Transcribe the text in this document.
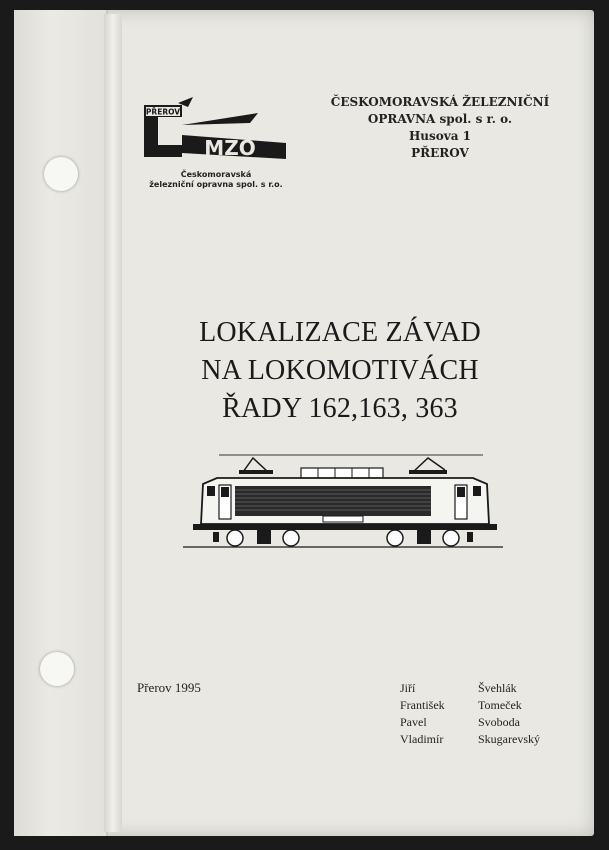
PŘEROV
MŽO
Českomoravská
železniční opravna spol. s r.o.
ČESKOMORAVSKÁ ŽELEZNIČNÍ
OPRAVNA spol. s r. o.
Husova 1
PŘEROV
LOKALIZACE ZÁVAD
NA LOKOMOTIVÁCH
ŘADY 162,163, 363
Přerov 1995	Jiří	Švehlák
František	Tomeček
Pavel	Svoboda
Vladimír	Skugarevský
